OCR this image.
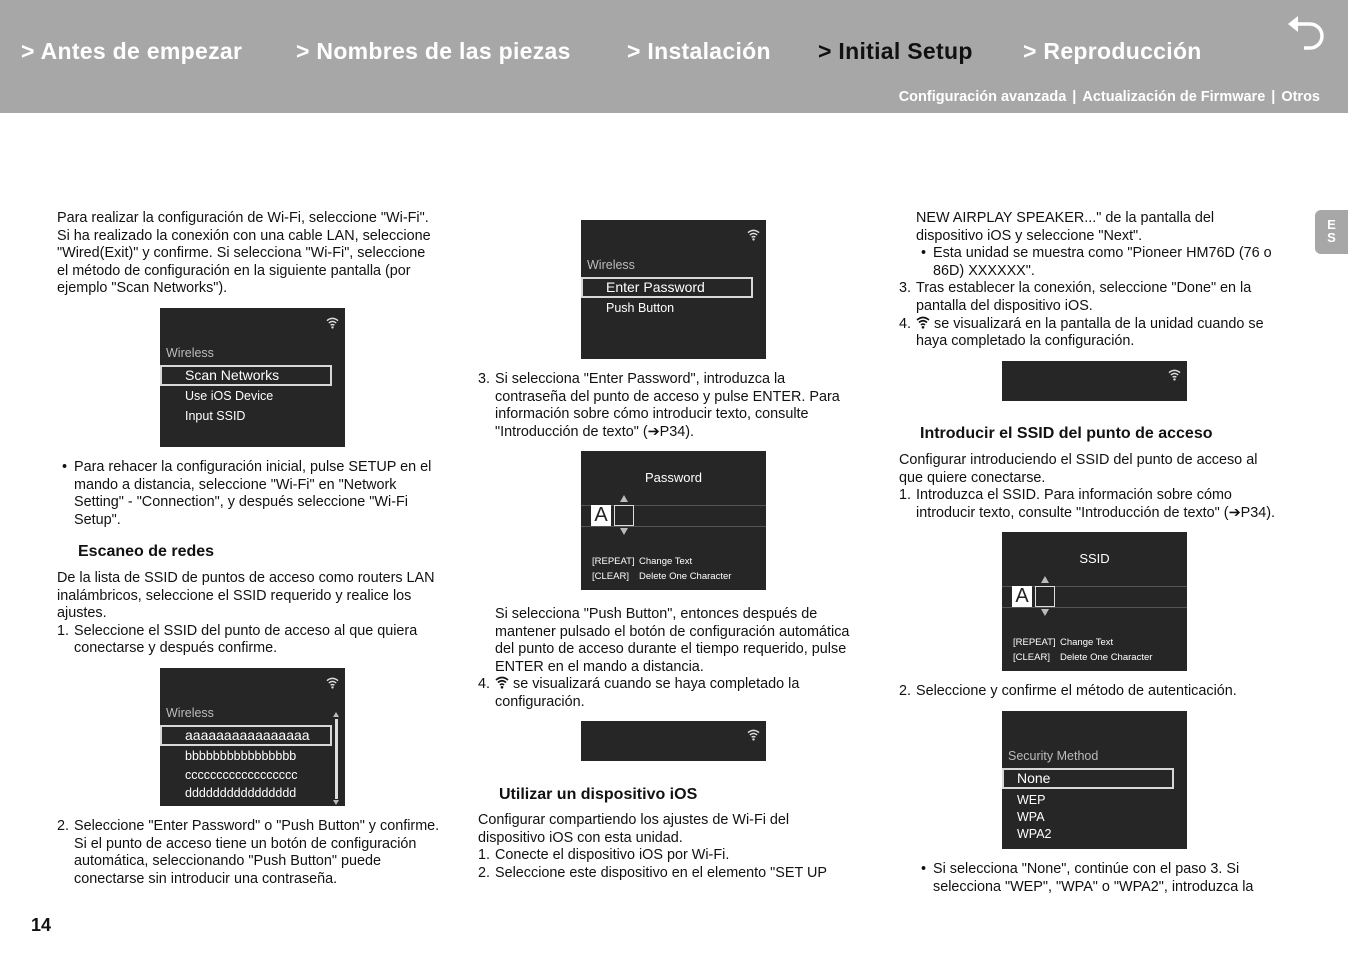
> Antes de empezar > Nombres de las piezas > Instalación > Initial Setup > Reproducción
Configuración avanzada | Actualización de Firmware | Otros
E
S
Para realizar la configuración de Wi-Fi, seleccione "Wi-Fi".
Si ha realizado la conexión con una cable LAN, seleccione
"Wired(Exit)" y confirme. Si selecciona "Wi-Fi", seleccione
el método de configuración en la siguiente pantalla (por
ejemplo "Scan Networks").
Wireless
Scan Networks
Use iOS Device
Input SSID
• Para rehacer la configuración inicial, pulse SETUP en el
mando a distancia, seleccione "Wi-Fi" en "Network
Setting" - "Connection", y después seleccione "Wi-Fi
Setup".
Escaneo de redes
De la lista de SSID de puntos de acceso como routers LAN
inalámbricos, seleccione el SSID requerido y realice los
ajustes.
1. Seleccione el SSID del punto de acceso al que quiera
conectarse y después confirme.
Wireless
aaaaaaaaaaaaaaaa
bbbbbbbbbbbbbbbb
cccccccccccccccccc
dddddddddddddddd
2. Seleccione "Enter Password" o "Push Button" y confirme.
Si el punto de acceso tiene un botón de configuración
automática, seleccionando "Push Button" puede
conectarse sin introducir una contraseña.
Wireless
Enter Password
Push Button
3. Si selecciona "Enter Password", introduzca la
contraseña del punto de acceso y pulse ENTER. Para
información sobre cómo introducir texto, consulte
"Introducción de texto" (➔P34).
Password
A
[REPEAT] Change Text
[CLEAR] Delete One Character
Si selecciona "Push Button", entonces después de
mantener pulsado el botón de configuración automática
del punto de acceso durante el tiempo requerido, pulse
ENTER en el mando a distancia.
4.	se visualizará cuando se haya completado la
configuración.
Utilizar un dispositivo iOS
Configurar compartiendo los ajustes de Wi-Fi del
dispositivo iOS con esta unidad.
1. Conecte el dispositivo iOS por Wi-Fi.
2. Seleccione este dispositivo en el elemento "SET UP
NEW AIRPLAY SPEAKER..." de la pantalla del
dispositivo iOS y seleccione "Next".
• Esta unidad se muestra como "Pioneer HM76D (76 o
86D) XXXXXX".
3. Tras establecer la conexión, seleccione "Done" en la
pantalla del dispositivo iOS.
4.	se visualizará en la pantalla de la unidad cuando se
haya completado la configuración.
Introducir el SSID del punto de acceso
Configurar introduciendo el SSID del punto de acceso al
que quiere conectarse.
1. Introduzca el SSID. Para información sobre cómo
introducir texto, consulte "Introducción de texto" (➔P34).
SSID
A
[REPEAT] Change Text
[CLEAR] Delete One Character
2. Seleccione y confirme el método de autenticación.
Security Method
None
WEP
WPA
WPA2
• Si selecciona "None", continúe con el paso 3. Si
selecciona "WEP", "WPA" o "WPA2", introduzca la
14
